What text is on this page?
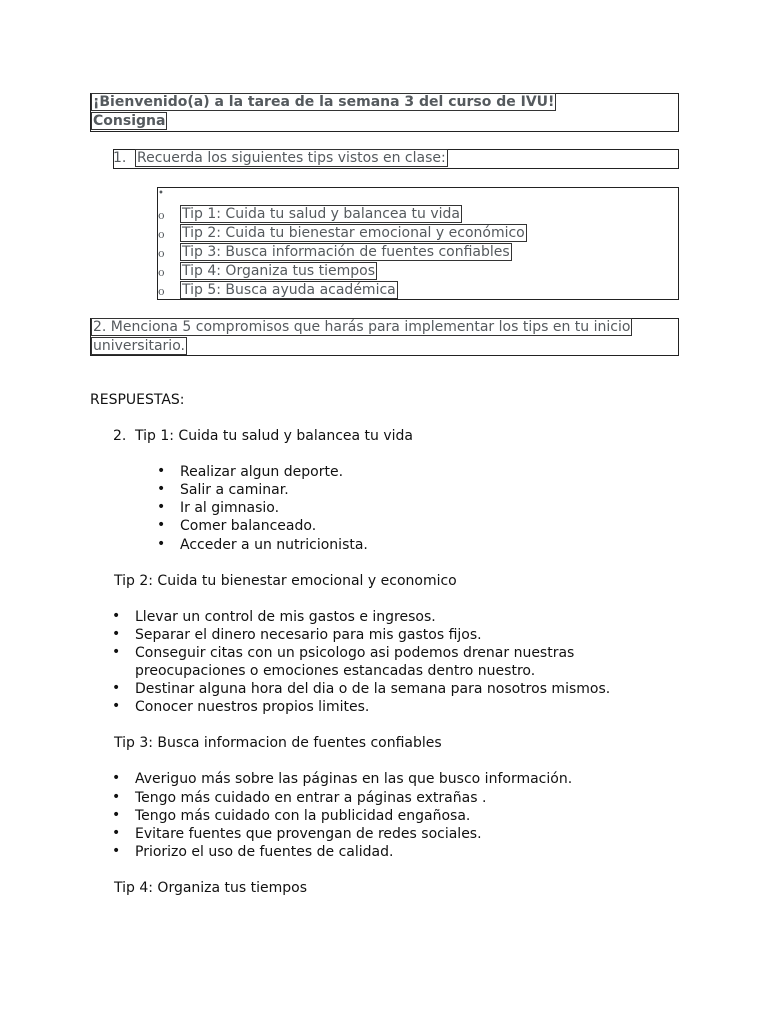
¡Bienvenido(a) a la tarea de la semana 3 del curso de IVU!
Consigna
1. Recuerda los siguientes tips vistos en clase:
•
o Tip 1: Cuida tu salud y balancea tu vida
o Tip 2: Cuida tu bienestar emocional y económico
o Tip 3: Busca información de fuentes confiables
o Tip 4: Organiza tus tiempos
o Tip 5: Busca ayuda académica
2. Menciona 5 compromisos que harás para implementar los tips en tu inicio
universitario.
RESPUESTAS:
2. Tip 1: Cuida tu salud y balancea tu vida
• Realizar algun deporte.
• Salir a caminar.
• Ir al gimnasio.
• Comer balanceado.
• Acceder a un nutricionista.
Tip 2: Cuida tu bienestar emocional y economico
• Llevar un control de mis gastos e ingresos.
• Separar el dinero necesario para mis gastos fijos.
• Conseguir citas con un psicologo asi podemos drenar nuestras
preocupaciones o emociones estancadas dentro nuestro.
• Destinar alguna hora del dia o de la semana para nosotros mismos.
• Conocer nuestros propios limites.
Tip 3: Busca informacion de fuentes confiables
• Averiguo más sobre las páginas en las que busco información.
• Tengo más cuidado en entrar a páginas extrañas .
• Tengo más cuidado con la publicidad engañosa.
• Evitare fuentes que provengan de redes sociales.
• Priorizo el uso de fuentes de calidad.
Tip 4: Organiza tus tiempos
